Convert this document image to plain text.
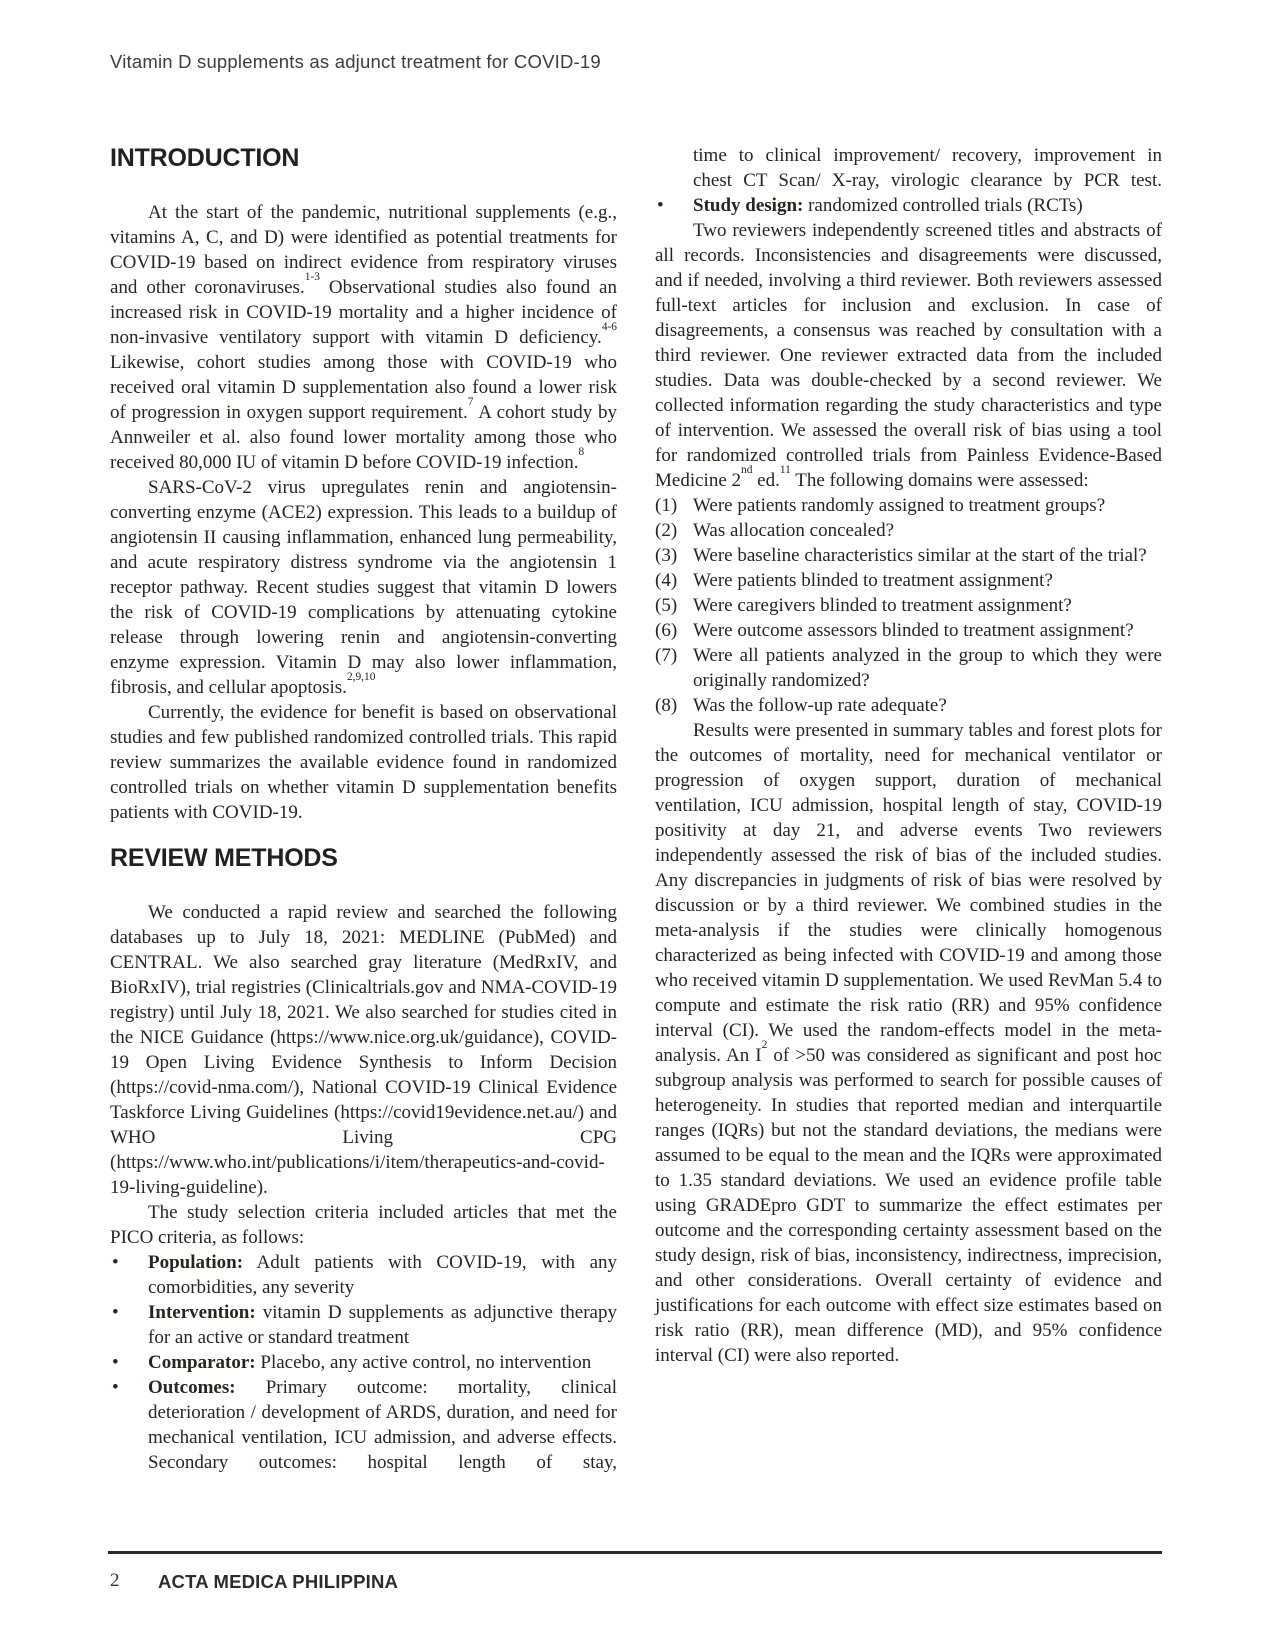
Vitamin D supplements as adjunct treatment for COVID-19
INTRODUCTION

At the start of the pandemic, nutritional supplements (e.g., vitamins A, C, and D) were identified as potential treatments for COVID-19 based on indirect evidence from respiratory viruses and other coronaviruses.$^{1-3}$ Observational studies also found an increased risk in COVID-19 mortality and a higher incidence of non-invasive ventilatory support with vitamin D deficiency.$^{4-6}$ Likewise, cohort studies among those with COVID-19 who received oral vitamin D supplementation also found a lower risk of progression in oxygen support requirement.$^7$ A cohort study by Annweiler et al. also found lower mortality among those who received 80,000 IU of vitamin D before COVID-19 infection.$^8$

SARS-CoV-2 virus upregulates renin and angiotensin-converting enzyme (ACE2) expression. This leads to a buildup of angiotensin II causing inflammation, enhanced lung permeability, and acute respiratory distress syndrome via the angiotensin 1 receptor pathway. Recent studies suggest that vitamin D lowers the risk of COVID-19 complications by attenuating cytokine release through lowering renin and angiotensin-converting enzyme expression. Vitamin D may also lower inflammation, fibrosis, and cellular apoptosis.$^{2,9,10}$

Currently, the evidence for benefit is based on observational studies and few published randomized controlled trials. This rapid review summarizes the available evidence found in randomized controlled trials on whether vitamin D supplementation benefits patients with COVID-19.

REVIEW METHODS

We conducted a rapid review and searched the following databases up to July 18, 2021: MEDLINE (PubMed) and CENTRAL. We also searched gray literature (MedRxIV, and BioRxIV), trial registries (Clinicaltrials.gov and NMA-COVID-19 registry) until July 18, 2021. We also searched for studies cited in the NICE Guidance (https://www.nice.org.uk/guidance), COVID-19 Open Living Evidence Synthesis to Inform Decision (https://covid-nma.com/), National COVID-19 Clinical Evidence Taskforce Living Guidelines (https://covid19evidence.net.au/) and WHO Living CPG (https://www.who.int/publications/i/item/therapeutics-and-covid-19-living-guideline).

The study selection criteria included articles that met the PICO criteria, as follows:

• Population: Adult patients with COVID-19, with any comorbidities, any severity
• Intervention: vitamin D supplements as adjunctive therapy for an active or standard treatment
• Comparator: Placebo, any active control, no intervention
• Outcomes: Primary outcome: mortality, clinical deterioration / development of ARDS, duration, and need for mechanical ventilation, ICU admission, and adverse effects. Secondary outcomes: hospital length of stay,
time to clinical improvement/ recovery, improvement in chest CT Scan/ X-ray, virologic clearance by PCR test.
• Study design: randomized controlled trials (RCTs)

Two reviewers independently screened titles and abstracts of all records. Inconsistencies and disagreements were discussed, and if needed, involving a third reviewer. Both reviewers assessed full-text articles for inclusion and exclusion. In case of disagreements, a consensus was reached by consultation with a third reviewer. One reviewer extracted data from the included studies. Data was double-checked by a second reviewer. We collected information regarding the study characteristics and type of intervention. We assessed the overall risk of bias using a tool for randomized controlled trials from Painless Evidence-Based Medicine 2nd ed.$^{11}$ The following domains were assessed:

(1) Were patients randomly assigned to treatment groups?
(2) Was allocation concealed?
(3) Were baseline characteristics similar at the start of the trial?
(4) Were patients blinded to treatment assignment?
(5) Were caregivers blinded to treatment assignment?
(6) Were outcome assessors blinded to treatment assignment?
(7) Were all patients analyzed in the group to which they were originally randomized?
(8) Was the follow-up rate adequate?

Results were presented in summary tables and forest plots for the outcomes of mortality, need for mechanical ventilator or progression of oxygen support, duration of mechanical ventilation, ICU admission, hospital length of stay, COVID-19 positivity at day 21, and adverse events Two reviewers independently assessed the risk of bias of the included studies. Any discrepancies in judgments of risk of bias were resolved by discussion or by a third reviewer. We combined studies in the meta-analysis if the studies were clinically homogenous characterized as being infected with COVID-19 and among those who received vitamin D supplementation. We used RevMan 5.4 to compute and estimate the risk ratio (RR) and 95% confidence interval (CI). We used the random-effects model in the meta-analysis. An $I^2$ of >50 was considered as significant and post hoc subgroup analysis was performed to search for possible causes of heterogeneity. In studies that reported median and interquartile ranges (IQRs) but not the standard deviations, the medians were assumed to be equal to the mean and the IQRs were approximated to 1.35 standard deviations. We used an evidence profile table using GRADEpro GDT to summarize the effect estimates per outcome and the corresponding certainty assessment based on the study design, risk of bias, inconsistency, indirectness, imprecision, and other considerations. Overall certainty of evidence and justifications for each outcome with effect size estimates based on risk ratio (RR), mean difference (MD), and 95% confidence interval (CI) were also reported.

2 ACTA MEDICA PHILIPPINA
